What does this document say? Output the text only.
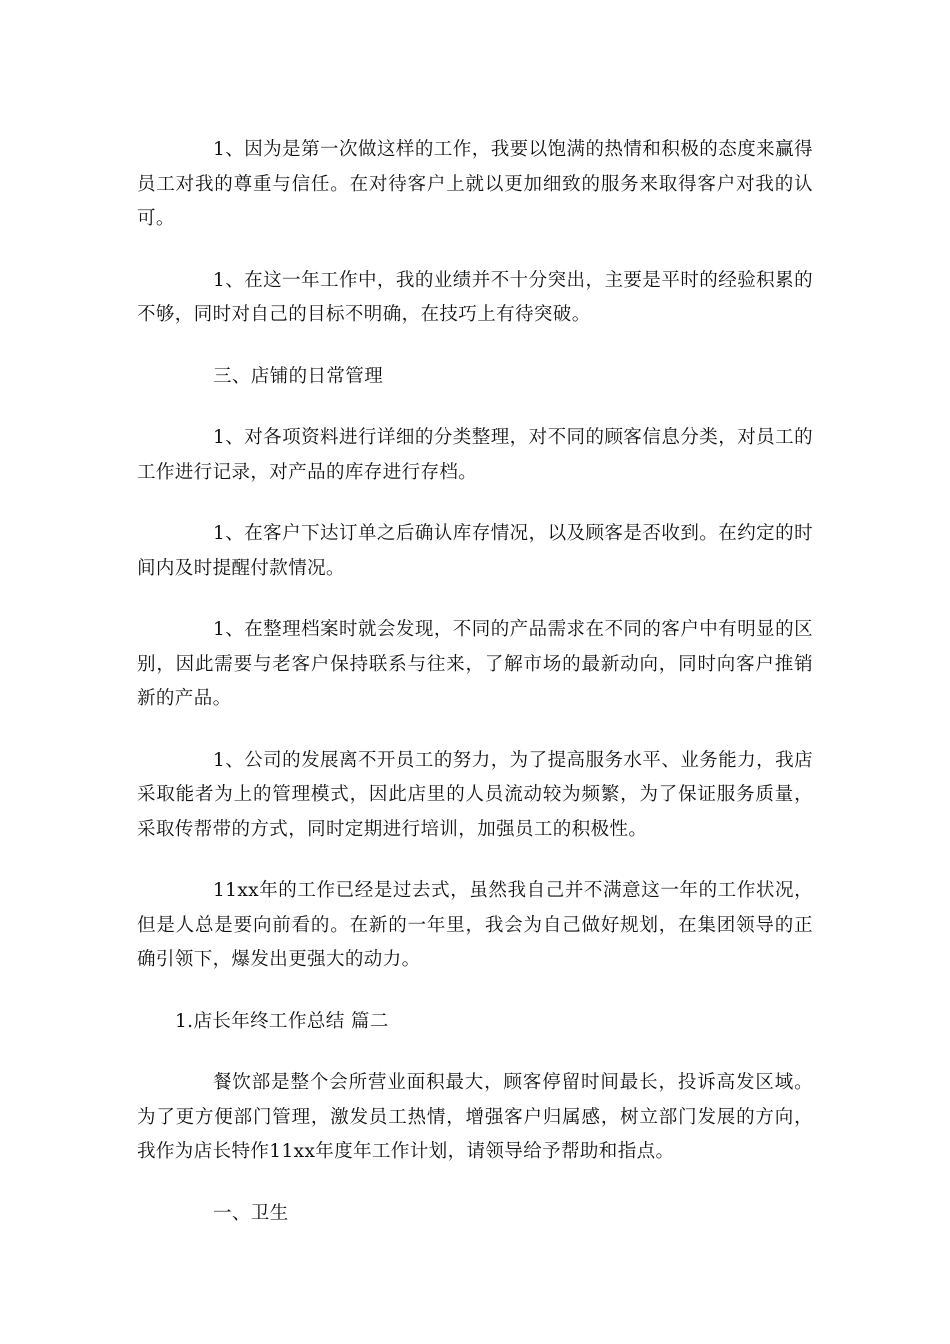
1、因为是第一次做这样的工作，我要以饱满的热情和积极的态度来赢得员工对我的尊重与信任。在对待客户上就以更加细致的服务来取得客户对我的认可。

1、在这一年工作中，我的业绩并不十分突出，主要是平时的经验积累的不够，同时对自己的目标不明确，在技巧上有待突破。

三、店铺的日常管理

1、对各项资料进行详细的分类整理，对不同的顾客信息分类，对员工的工作进行记录，对产品的库存进行存档。

1、在客户下达订单之后确认库存情况，以及顾客是否收到。在约定的时间内及时提醒付款情况。

1、在整理档案时就会发现，不同的产品需求在不同的客户中有明显的区别，因此需要与老客户保持联系与往来，了解市场的最新动向，同时向客户推销新的产品。

1、公司的发展离不开员工的努力，为了提高服务水平、业务能力，我店采取能者为上的管理模式，因此店里的人员流动较为频繁，为了保证服务质量，采取传帮带的方式，同时定期进行培训，加强员工的积极性。

11xx年的工作已经是过去式，虽然我自己并不满意这一年的工作状况，但是人总是要向前看的。在新的一年里，我会为自己做好规划，在集团领导的正确引领下，爆发出更强大的动力。

1.店长年终工作总结 篇二

餐饮部是整个会所营业面积最大，顾客停留时间最长，投诉高发区域。为了更方便部门管理，激发员工热情，增强客户归属感，树立部门发展的方向，我作为店长特作11xx年度年工作计划，请领导给予帮助和指点。

一、卫生
